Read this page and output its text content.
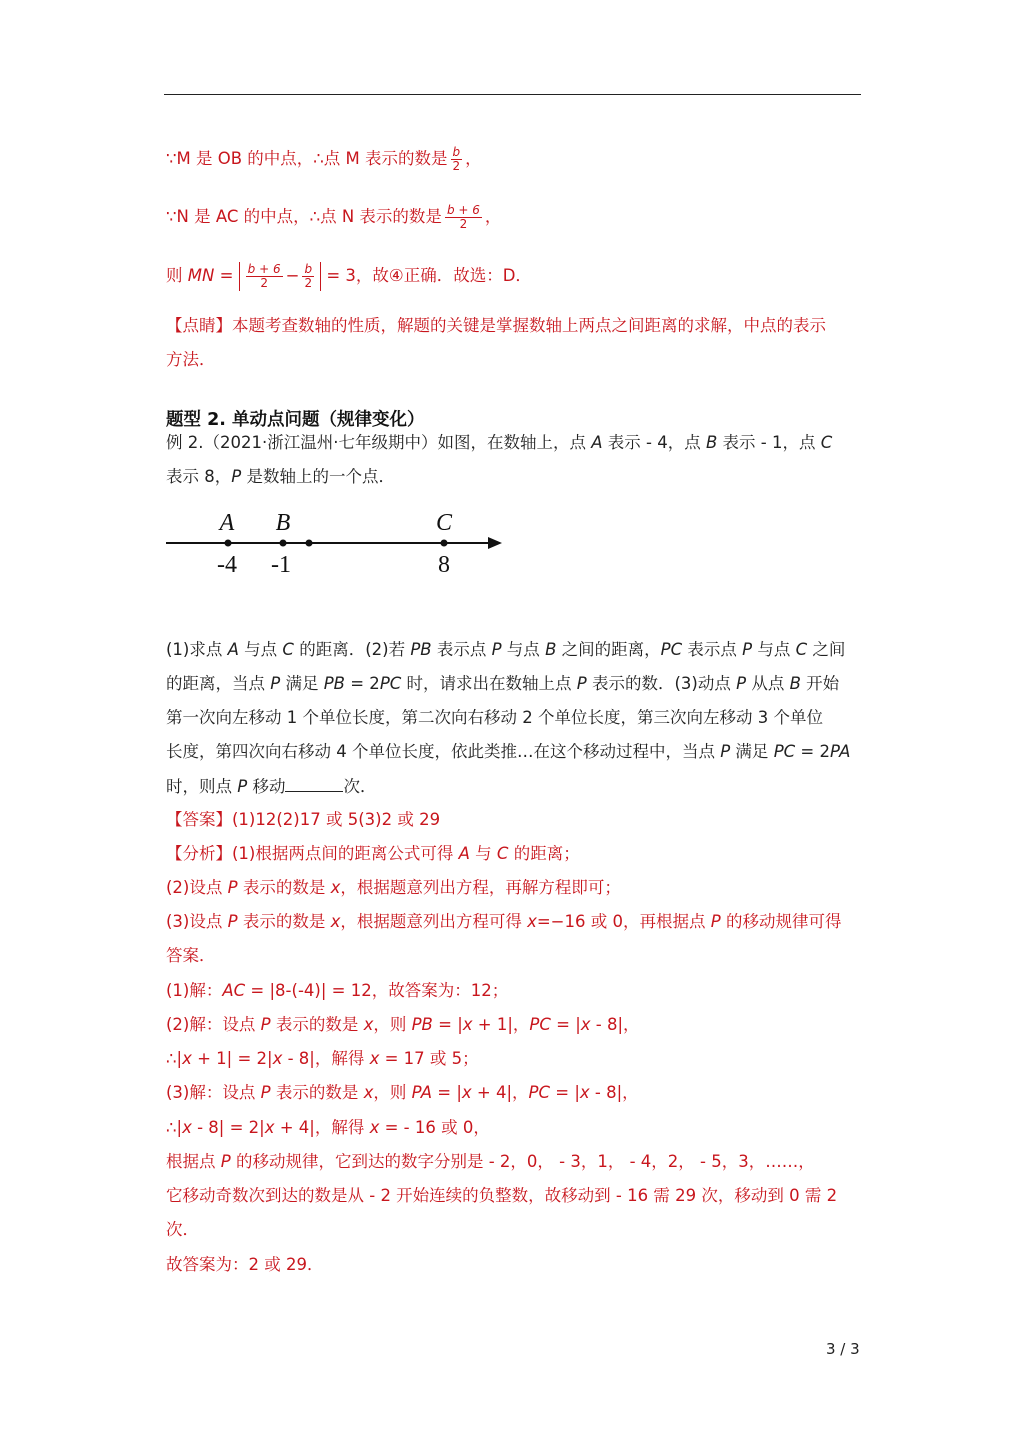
∵M 是 OB 的中点，∴点 M 表示的数是 $\frac{b}{2}$ ，
∵N 是 AC 的中点，∴点 N 表示的数是 $\frac{b + 6}{2}$ ，
则 MN = $\frac{b + 6}{2} - \frac{b}{2} = 3$，故④正确．故选：D．
【点睛】本题考查数轴的性质，解题的关键是掌握数轴上两点之间距离的求解，中点的表示
方法．
题型 2. 单动点问题（规律变化）
例 2.（2021·浙江温州·七年级期中）如图，在数轴上，点 A 表示 - 4，点 B 表示 - 1，点 C
表示 8，P 是数轴上的一个点．
A B	C
-4 -1	8
(1)求点 A 与点 C 的距离．(2)若 PB 表示点 P 与点 B 之间的距离，PC 表示点 P 与点 C 之间
的距离，当点 P 满足 PB = 2PC 时，请求出在数轴上点 P 表示的数．(3)动点 P 从点 B 开始
第一次向左移动 1 个单位长度，第二次向右移动 2 个单位长度，第三次向左移动 3 个单位
长度，第四次向右移动 4 个单位长度，依此类推…在这个移动过程中，当点 P 满足 PC = 2PA
时，则点 P 移动	次．
【答案】(1)12(2)17 或 5(3)2 或 29
【分析】(1)根据两点间的距离公式可得 A 与 C 的距离；
(2)设点 P 表示的数是 x，根据题意列出方程，再解方程即可；
(3)设点 P 表示的数是 x，根据题意列出方程可得 x=−16 或 0，再根据点 P 的移动规律可得
答案．
(1)解：AC = |8-(-4)| = 12，故答案为：12；
(2)解：设点 P 表示的数是 x，则 PB = |x + 1|，PC = |x - 8|，
∴|x + 1| = 2|x - 8|，解得 x = 17 或 5；
(3)解：设点 P 表示的数是 x，则 PA = |x + 4|，PC = |x - 8|，
∴|x - 8| = 2|x + 4|，解得 x = - 16 或 0，
根据点 P 的移动规律，它到达的数字分别是 - 2，0， - 3，1， - 4，2， - 5，3，……，
它移动奇数次到达的数是从 - 2 开始连续的负整数，故移动到 - 16 需 29 次，移动到 0 需 2
次．
故答案为：2 或 29．
3 / 3
